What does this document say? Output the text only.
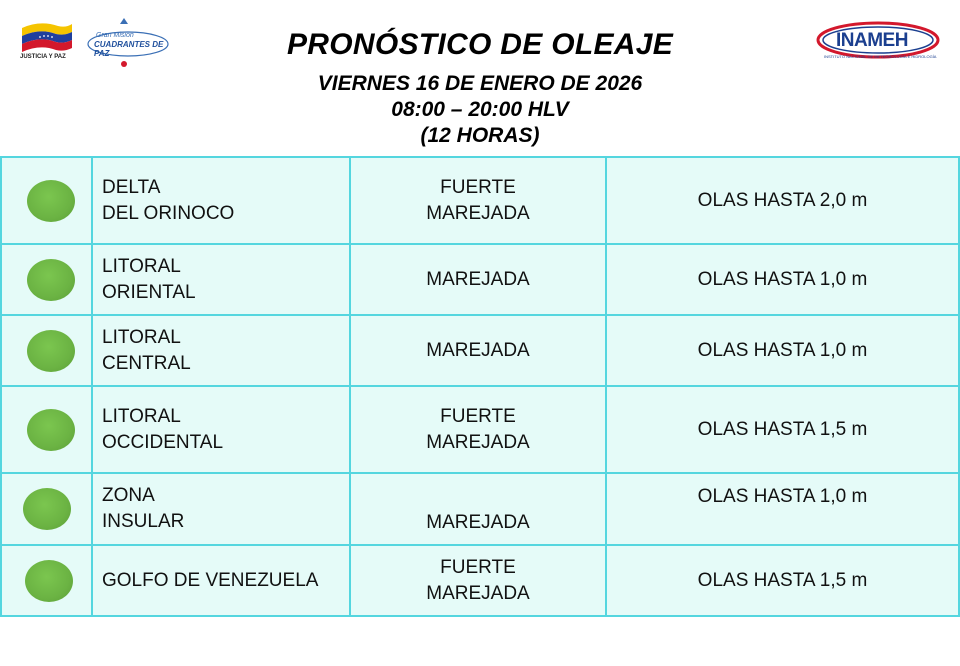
JUSTICIA Y PAZ
Gran Misión
CUADRANTES DE PAZ	PRONÓSTICO DE OLEAJE
VIERNES 16 DE ENERO DE 2026
08:00 – 20:00 HLV
(12 HORAS)
INAMEH
INSTITUTO NACIONAL DE METEOROLOGÍA E HIDROLOGÍA

	DELTA
DEL ORINOCO	FUERTE
MAREJADA	OLAS HASTA 2,0 m

	LITORAL
ORIENTAL	MAREJADA	OLAS HASTA 1,0 m

	LITORAL
CENTRAL	MAREJADA	OLAS HASTA 1,0 m

	LITORAL
OCCIDENTAL	FUERTE
MAREJADA	OLAS HASTA 1,5 m

	ZONA
INSULAR	MAREJADA	OLAS HASTA 1,0 m

	GOLFO DE VENEZUELA	FUERTE
MAREJADA	OLAS HASTA 1,5 m
